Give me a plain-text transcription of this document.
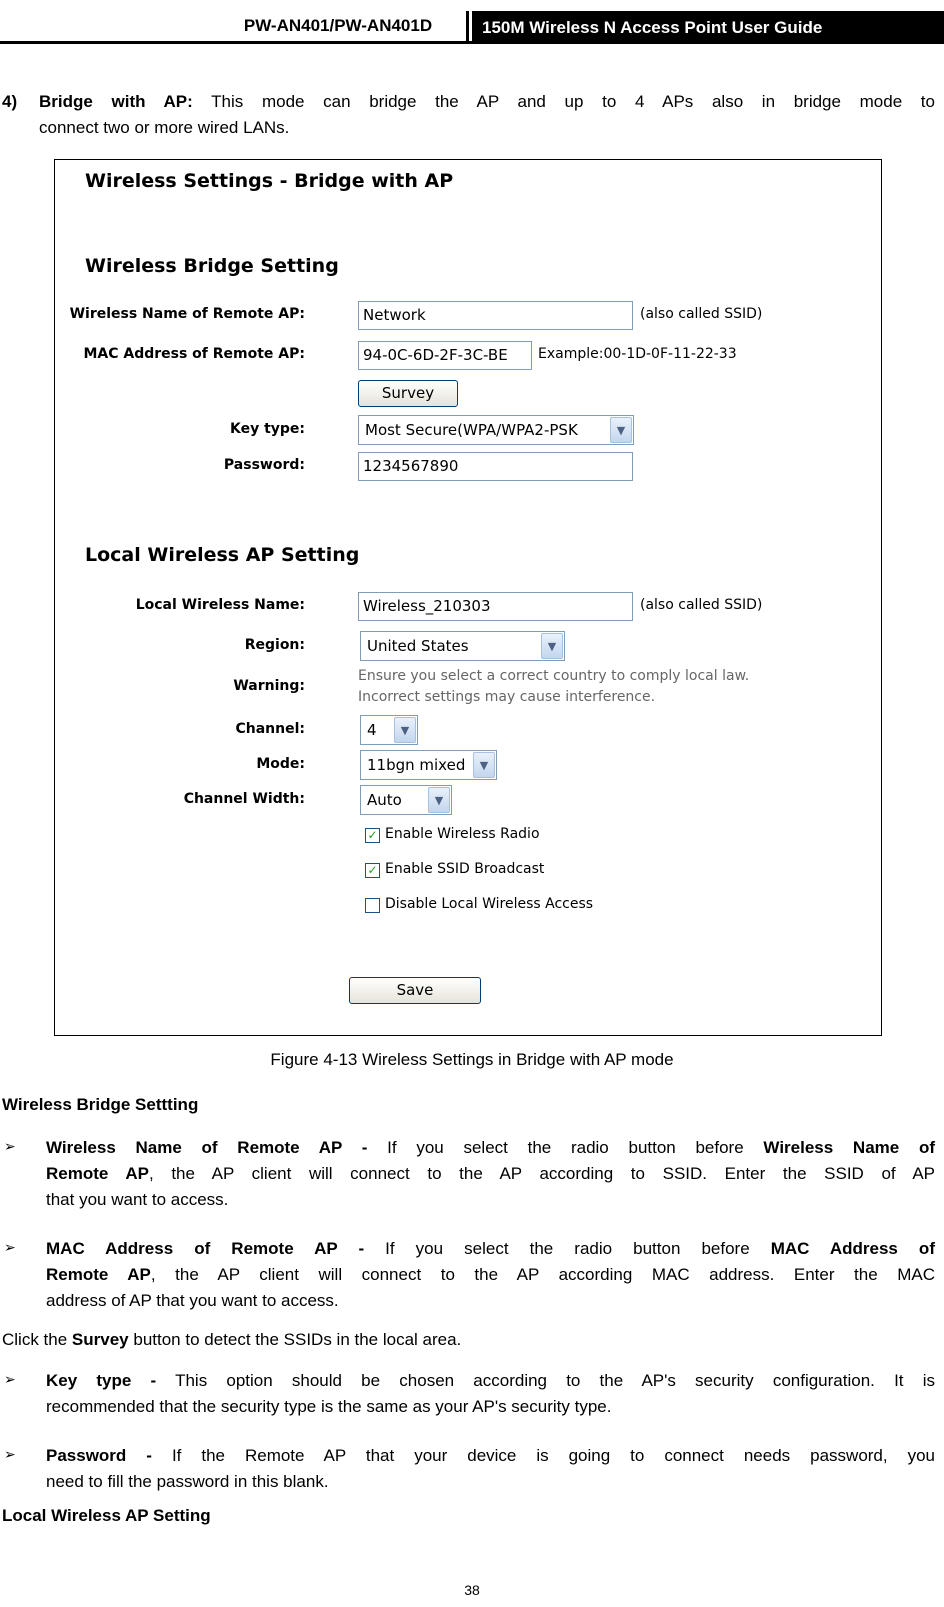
PW-AN401/PW-AN401D	150M Wireless N Access Point User Guide
4) Bridge with AP: This mode can bridge the AP and up to 4 APs also in bridge mode to
connect two or more wired LANs.
Wireless Settings - Bridge with AP
Wireless Bridge Setting
Wireless Name of Remote AP:	Network	(also called SSID)
MAC Address of Remote AP:	94-0C-6D-2F-3C-BE	Example:00-1D-0F-11-22-33
Survey
Key type:	Most Secure(WPA/WPA2-PSK	▼
Password:	1234567890
Local Wireless AP Setting
Local Wireless Name:	Wireless_210303	(also called SSID)
Region:	United States	▼
Warning:
Ensure you select a correct country to comply local law.
Incorrect settings may cause interference.
Channel:	4	▼
Mode:	11bgn mixed	▼
Channel Width:	Auto	▼
✓ Enable Wireless Radio
✓ Enable SSID Broadcast
Disable Local Wireless Access
Save
Figure 4-13 Wireless Settings in Bridge with AP mode
Wireless Bridge Settting
➢ Wireless Name of Remote AP - If you select the radio button before Wireless Name of
Remote AP, the AP client will connect to the AP according to SSID. Enter the SSID of AP
that you want to access.
➢ MAC Address of Remote AP - If you select the radio button before MAC Address of
Remote AP, the AP client will connect to the AP according MAC address. Enter the MAC
address of AP that you want to access.
Click the Survey button to detect the SSIDs in the local area.
➢ Key type - This option should be chosen according to the AP's security configuration. It is
recommended that the security type is the same as your AP's security type.
➢ Password - If the Remote AP that your device is going to connect needs password, you
need to fill the password in this blank.
Local Wireless AP Setting
38
